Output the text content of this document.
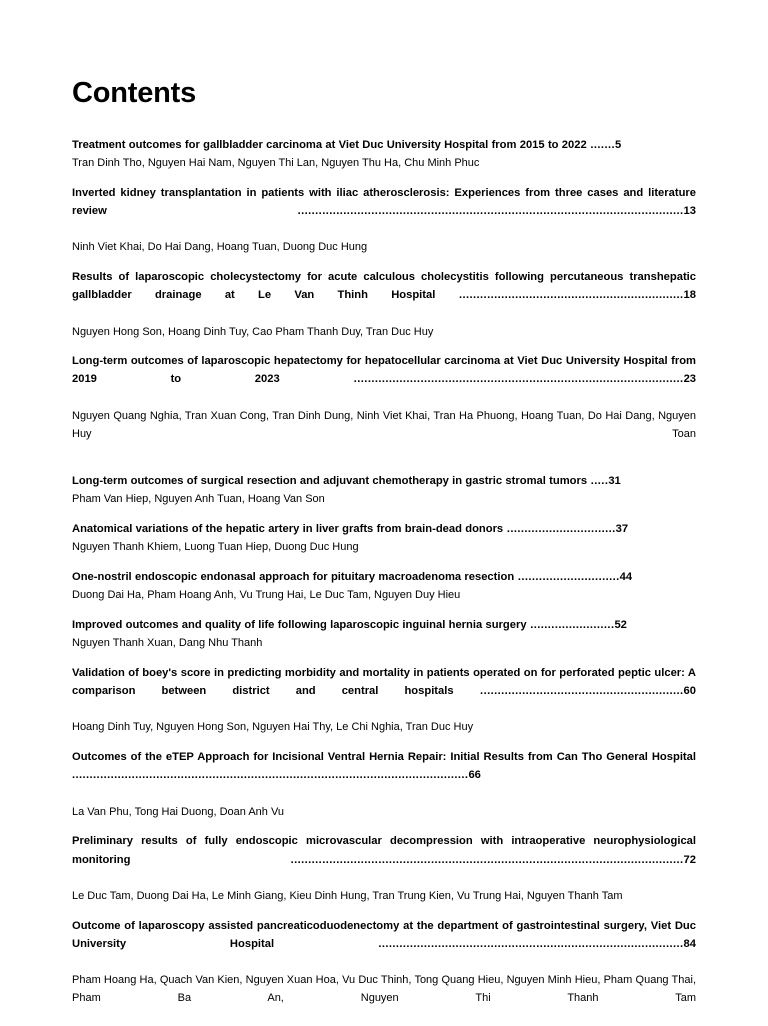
Contents

Treatment outcomes for gallbladder carcinoma at Viet Duc University Hospital from 2015 to 2022 .......5

Tran Dinh Tho, Nguyen Hai Nam, Nguyen Thi Lan, Nguyen Thu Ha, Chu Minh Phuc

Inverted kidney transplantation in patients with iliac atherosclerosis: Experiences from three cases and literature review ..............................................................................................................13

Ninh Viet Khai, Do Hai Dang, Hoang Tuan, Duong Duc Hung

Results of laparoscopic cholecystectomy for acute calculous cholecystitis following percutaneous transhepatic gallbladder drainage at Le Van Thinh Hospital ................................................................18

Nguyen Hong Son, Hoang Dinh Tuy, Cao Pham Thanh Duy, Tran Duc Huy

Long-term outcomes of laparoscopic hepatectomy for hepatocellular carcinoma at Viet Duc University Hospital from 2019 to 2023 ..............................................................................................23

Nguyen Quang Nghia, Tran Xuan Cong, Tran Dinh Dung, Ninh Viet Khai, Tran Ha Phuong, Hoang Tuan, Do Hai Dang, Nguyen Huy Toan

Long-term outcomes of surgical resection and adjuvant chemotherapy in gastric stromal tumors .....31

Pham Van Hiep, Nguyen Anh Tuan, Hoang Van Son

Anatomical variations of the hepatic artery in liver grafts from brain-dead donors ...............................37

Nguyen Thanh Khiem, Luong Tuan Hiep, Duong Duc Hung

One-nostril endoscopic endonasal approach for pituitary macroadenoma resection .............................44

Duong Dai Ha, Pham Hoang Anh, Vu Trung Hai, Le Duc Tam, Nguyen Duy Hieu

Improved outcomes and quality of life following laparoscopic inguinal hernia surgery ........................52

Nguyen Thanh Xuan, Dang Nhu Thanh

Validation of boey's score in predicting morbidity and mortality in patients operated on for perforated peptic ulcer: A comparison between district and central hospitals ..........................................................60

Hoang Dinh Tuy, Nguyen Hong Son, Nguyen Hai Thy, Le Chi Nghia, Tran Duc Huy

Outcomes of the eTEP Approach for Incisional Ventral Hernia Repair: Initial Results from Can Tho General Hospital .................................................................................................................66

La Van Phu, Tong Hai Duong, Doan Anh Vu

Preliminary results of fully endoscopic microvascular decompression with intraoperative neurophysiological monitoring ................................................................................................................72

Le Duc Tam, Duong Dai Ha, Le Minh Giang, Kieu Dinh Hung, Tran Trung Kien, Vu Trung Hai, Nguyen Thanh Tam

Outcome of laparoscopy assisted pancreaticoduodenectomy at the department of gastrointestinal surgery, Viet Duc University Hospital .......................................................................................84

Pham Hoang Ha, Quach Van Kien, Nguyen Xuan Hoa, Vu Duc Thinh, Tong Quang Hieu, Nguyen Minh Hieu, Pham Quang Thai, Pham Ba An, Nguyen Thi Thanh Tam
